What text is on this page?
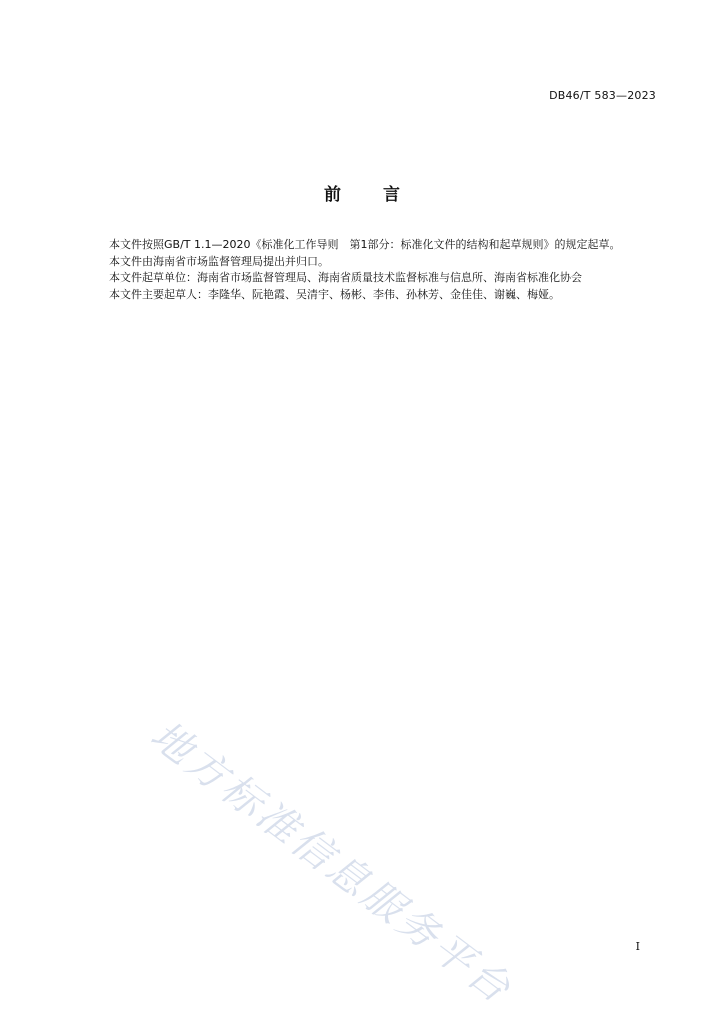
DB46/T 583—2023
前 言

本文件按照GB/T 1.1—2020《标准化工作导则　第1部分：标准化文件的结构和起草规则》的规定起草。

本文件由海南省市场监督管理局提出并归口。

本文件起草单位：海南省市场监督管理局、海南省质量技术监督标准与信息所、海南省标准化协会

本文件主要起草人：李隆华、阮艳霞、吴清宇、杨彬、李伟、孙林芳、金佳佳、谢巍、梅娅。

地方标准信息服务平台	I
